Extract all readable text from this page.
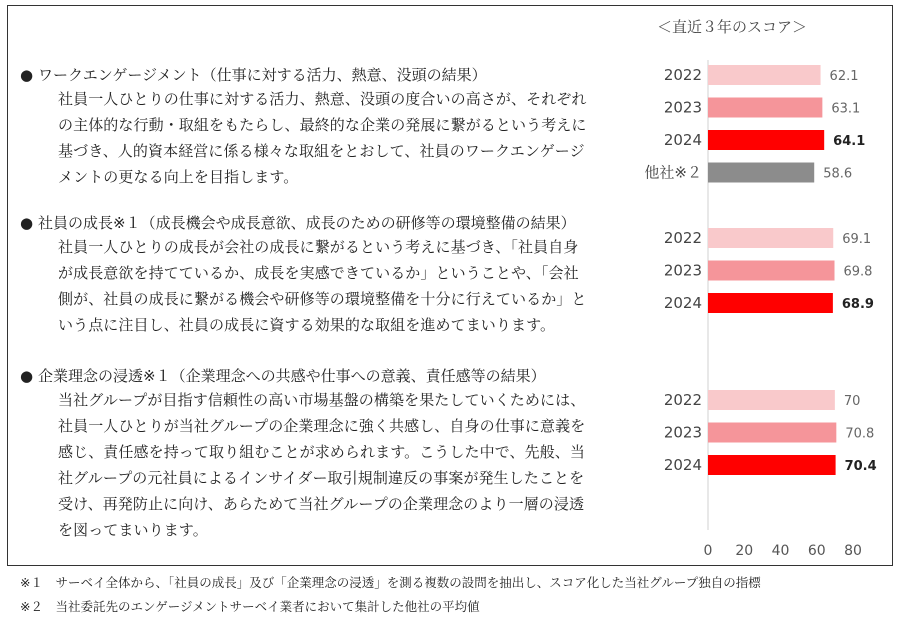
● ワークエンゲージメント（仕事に対する活力、熱意、没頭の結果）
社員一人ひとりの仕事に対する活力、熱意、没頭の度合いの高さが、それぞれ
の主体的な行動・取組をもたらし、最終的な企業の発展に繋がるという考えに
基づき、人的資本経営に係る様々な取組をとおして、社員のワークエンゲージ
メントの更なる向上を目指します。
● 社員の成長※１（成長機会や成長意欲、成長のための研修等の環境整備の結果）
社員一人ひとりの成長が会社の成長に繋がるという考えに基づき、「社員自身
が成長意欲を持てているか、成長を実感できているか」ということや、「会社
側が、社員の成長に繋がる機会や研修等の環境整備を十分に行えているか」と
いう点に注目し、社員の成長に資する効果的な取組を進めてまいります。
● 企業理念の浸透※１（企業理念への共感や仕事への意義、責任感等の結果）
当社グループが目指す信頼性の高い市場基盤の構築を果たしていくためには、
社員一人ひとりが当社グループの企業理念に強く共感し、自身の仕事に意義を
感じ、責任感を持って取り組むことが求められます。こうした中で、先般、当
社グループの元社員によるインサイダー取引規制違反の事案が発生したことを
受け、再発防止に向け、あらためて当社グループの企業理念のより一層の浸透
を図ってまいります。
＜直近３年のスコア＞
2022	62.1
2023	63.1
2024	64.1
他社※２	58.6
2022	69.1
2023	69.8
2024	68.9
2022	70
2023	70.8
2024	70.4
0 20 40 60 80
※１　サーベイ全体から、「社員の成長」及び「企業理念の浸透」を測る複数の設問を抽出し、スコア化した当社グループ独自の指標
※２　当社委託先のエンゲージメントサーベイ業者において集計した他社の平均値
